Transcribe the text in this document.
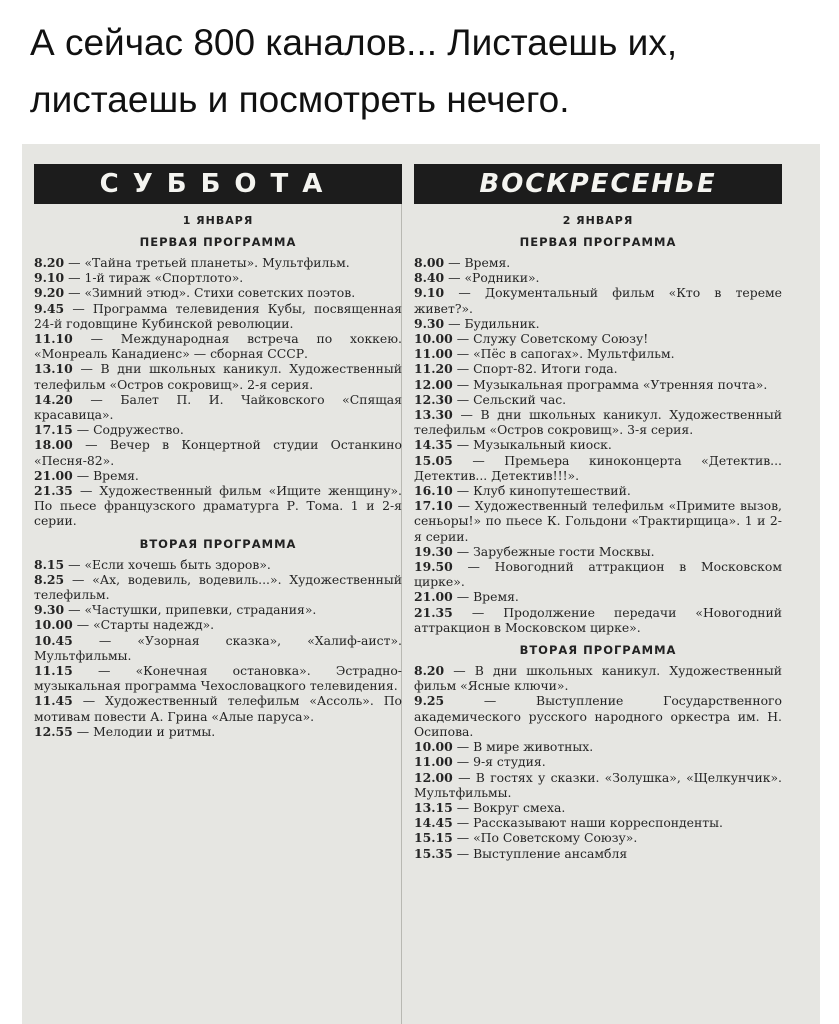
А сейчас 800 каналов... Листаешь их, листаешь и посмотреть нечего.
СУББОТА
1 ЯНВАРЯ
ПЕРВАЯ ПРОГРАММА

8.20 — «Тайна третьей планеты». Мультфильм.

9.10 — 1-й тираж «Спортлото».

9.20 — «Зимний этюд». Стихи советских поэтов.

9.45 — Программа телевидения Кубы, посвященная 24-й годовщине Кубинской революции.

11.10 — Международная встреча по хоккею. «Монреаль Канадиенс» — сборная СССР.

13.10 — В дни школьных каникул. Художественный телефильм «Остров сокровищ». 2-я серия.

14.20 — Балет П. И. Чайковского «Спящая красавица».

17.15 — Содружество.

18.00 — Вечер в Концертной студии Останкино «Песня-82».

21.00 — Время.

21.35 — Художественный фильм «Ищите женщину». По пьесе французского драматурга Р. Тома. 1 и 2-я серии.

ВТОРАЯ ПРОГРАММА

8.15 — «Если хочешь быть здоров».

8.25 — «Ах, водевиль, водевиль...». Художественный телефильм.

9.30 — «Частушки, припевки, страдания».

10.00 — «Старты надежд».

10.45 — «Узорная сказка», «Халиф-аист». Мультфильмы.

11.15 — «Конечная остановка». Эстрадно-музыкальная программа Чехословацкого телевидения.

11.45 — Художественный телефильм «Ассоль». По мотивам повести А. Грина «Алые паруса».

12.55 — Мелодии и ритмы.

ВОСКРЕСЕНЬЕ
2 ЯНВАРЯ
ПЕРВАЯ ПРОГРАММА

8.00 — Время.

8.40 — «Родники».

9.10 — Документальный фильм «Кто в тереме живет?».

9.30 — Будильник.

10.00 — Служу Советскому Союзу!

11.00 — «Пёс в сапогах». Мультфильм.

11.20 — Спорт-82. Итоги года.

12.00 — Музыкальная программа «Утренняя почта».

12.30 — Сельский час.

13.30 — В дни школьных каникул. Художественный телефильм «Остров сокровищ». 3-я серия.

14.35 — Музыкальный киоск.

15.05 — Премьера киноконцерта «Детектив... Детектив... Детектив!!!».

16.10 — Клуб кинопутешествий.

17.10 — Художественный телефильм «Примите вызов, сеньоры!» по пьесе К. Гольдони «Трактирщица». 1 и 2-я серии.

19.30 — Зарубежные гости Москвы.

19.50 — Новогодний аттракцион в Московском цирке».

21.00 — Время.

21.35 — Продолжение передачи «Новогодний аттракцион в Московском цирке».

ВТОРАЯ ПРОГРАММА

8.20 — В дни школьных каникул. Художественный фильм «Ясные ключи».

9.25 — Выступление Государственного академического русского народного оркестра им. Н. Осипова.

10.00 — В мире животных.

11.00 — 9-я студия.

12.00 — В гостях у сказки. «Золушка», «Щелкунчик». Мультфильмы.

13.15 — Вокруг смеха.

14.45 — Рассказывают наши корреспонденты.

15.15 — «По Советскому Союзу».

15.35 — Выступление ансамбля
